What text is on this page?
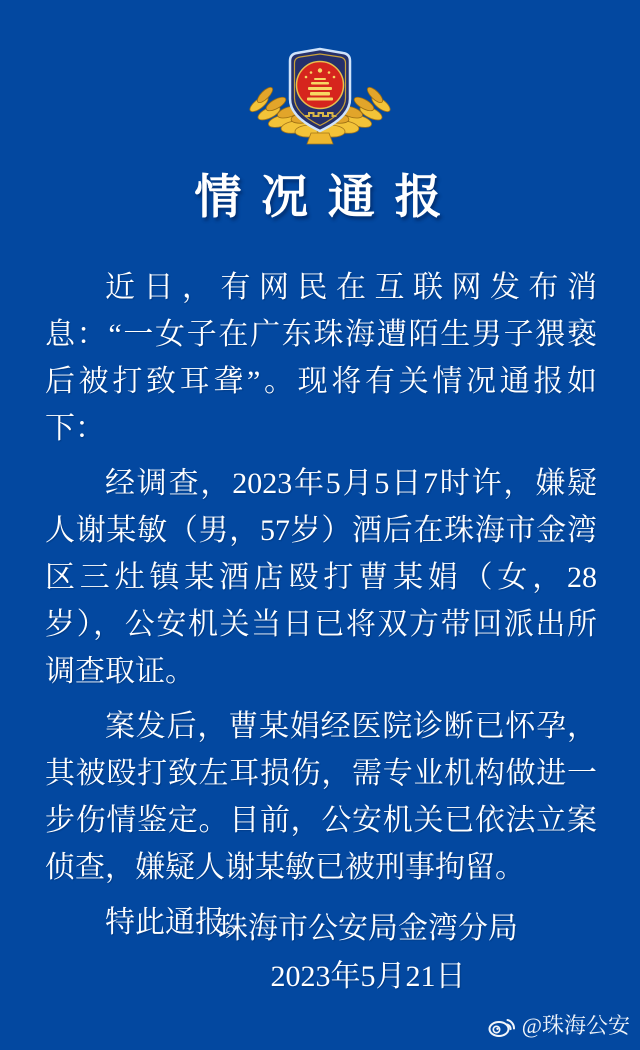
情 况 通 报

近日，有网民在互联网发布消息：“一女子在广东珠海遭陌生男子猥亵后被打致耳聋”。现将有关情况通报如下：

经调查，2023年5月5日7时许，嫌疑人谢某敏（男，57岁）酒后在珠海市金湾区三灶镇某酒店殴打曹某娟（女，28岁），公安机关当日已将双方带回派出所调查取证。

案发后，曹某娟经医院诊断已怀孕，其被殴打致左耳损伤，需专业机构做进一步伤情鉴定。目前，公安机关已依法立案侦查，嫌疑人谢某敏已被刑事拘留。

特此通报。

珠海市公安局金湾分局

2023年5月21日

@珠海公安
